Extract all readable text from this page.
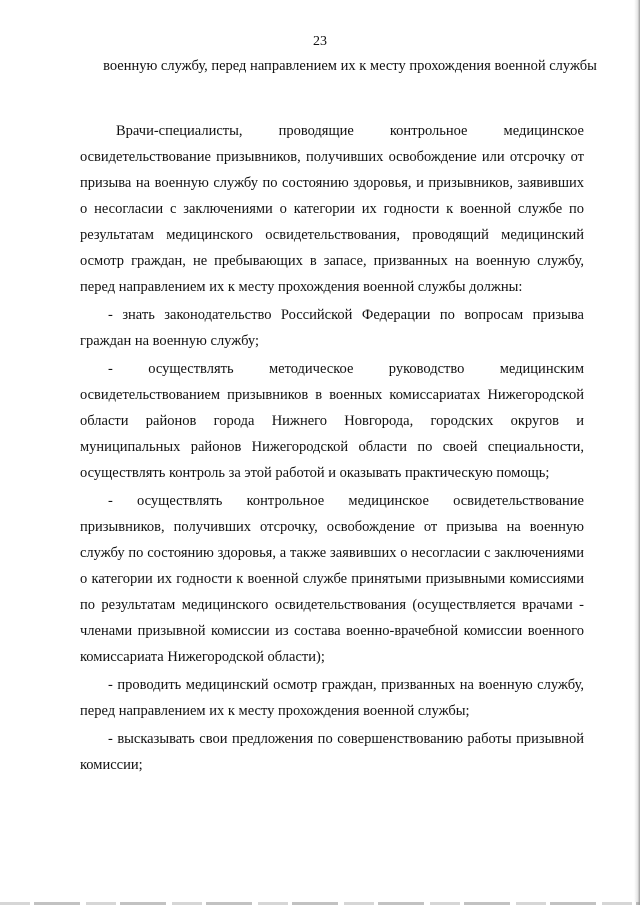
23
военную службу, перед направлением их к месту прохождения военной службы

Врачи-специалисты, проводящие контрольное медицинское освидетельствование призывников, получивших освобождение или отсрочку от призыва на военную службу по состоянию здоровья, и призывников, заявивших о несогласии с заключениями о категории их годности к военной службе по результатам медицинского освидетельствования, проводящий медицинский осмотр граждан, не пребывающих в запасе, призванных на военную службу, перед направлением их к месту прохождения военной службы должны:

- знать законодательство Российской Федерации по вопросам призыва граждан на военную службу;

- осуществлять методическое руководство медицинским освидетельствованием призывников в военных комиссариатах Нижегородской области районов города Нижнего Новгорода, городских округов и муниципальных районов Нижегородской области по своей специальности, осуществлять контроль за этой работой и оказывать практическую помощь;

- осуществлять контрольное медицинское освидетельствование призывников, получивших отсрочку, освобождение от призыва на военную службу по состоянию здоровья, а также заявивших о несогласии с заключениями о категории их годности к военной службе принятыми призывными комиссиями по результатам медицинского освидетельствования (осуществляется врачами - членами призывной комиссии из состава военно-врачебной комиссии военного комиссариата Нижегородской области);

- проводить медицинский осмотр граждан, призванных на военную службу, перед направлением их к месту прохождения военной службы;

- высказывать свои предложения по совершенствованию работы призывной комиссии;
